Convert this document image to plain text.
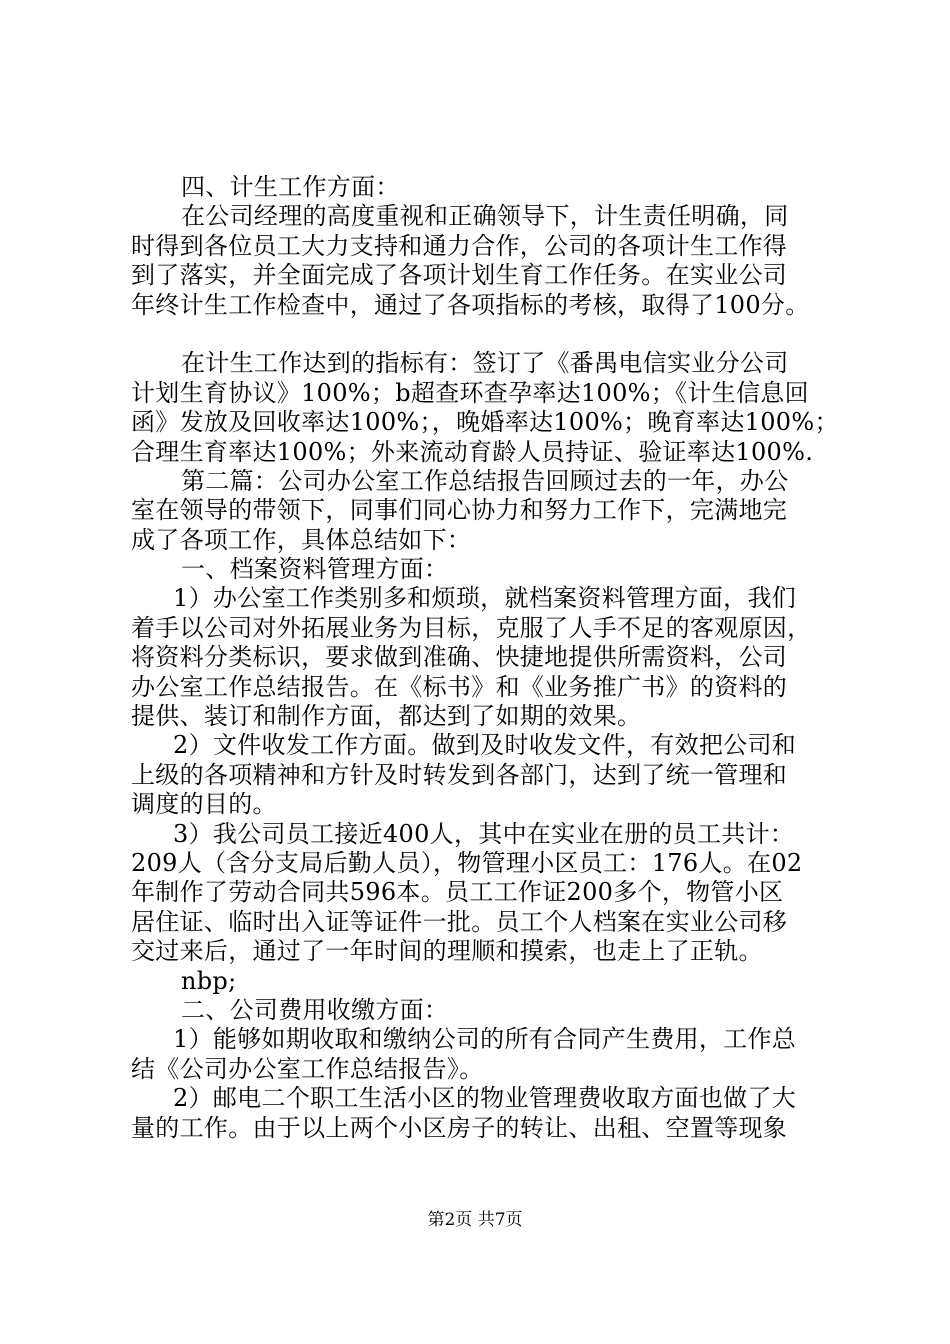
四、计生工作方面：
在公司经理的高度重视和正确领导下，计生责任明确，同
时得到各位员工大力支持和通力合作，公司的各项计生工作得
到了落实，并全面完成了各项计划生育工作任务。在实业公司
年终计生工作检查中，通过了各项指标的考核，取得了100分。
在计生工作达到的指标有：签订了《番禺电信实业分公司
计划生育协议》100%；b超查环查孕率达100%；《计生信息回
函》发放及回收率达100%；，晚婚率达100%；晚育率达100%；
合理生育率达100%；外来流动育龄人员持证、验证率达100%.
第二篇：公司办公室工作总结报告回顾过去的一年，办公
室在领导的带领下，同事们同心协力和努力工作下，完满地完
成了各项工作，具体总结如下：
一、档案资料管理方面：
1）办公室工作类别多和烦琐，就档案资料管理方面，我们
着手以公司对外拓展业务为目标，克服了人手不足的客观原因，
将资料分类标识，要求做到准确、快捷地提供所需资料，公司
办公室工作总结报告。在《标书》和《业务推广书》的资料的
提供、装订和制作方面，都达到了如期的效果。
2）文件收发工作方面。做到及时收发文件，有效把公司和
上级的各项精神和方针及时转发到各部门，达到了统一管理和
调度的目的。
3）我公司员工接近400人，其中在实业在册的员工共计：
209人（含分支局后勤人员），物管理小区员工：176人。在02
年制作了劳动合同共596本。员工工作证200多个，物管小区
居住证、临时出入证等证件一批。员工个人档案在实业公司移
交过来后，通过了一年时间的理顺和摸索，也走上了正轨。
nbp;
二、公司费用收缴方面：
1）能够如期收取和缴纳公司的所有合同产生费用，工作总
结《公司办公室工作总结报告》。
2）邮电二个职工生活小区的物业管理费收取方面也做了大
量的工作。由于以上两个小区房子的转让、出租、空置等现象
第2页 共7页
